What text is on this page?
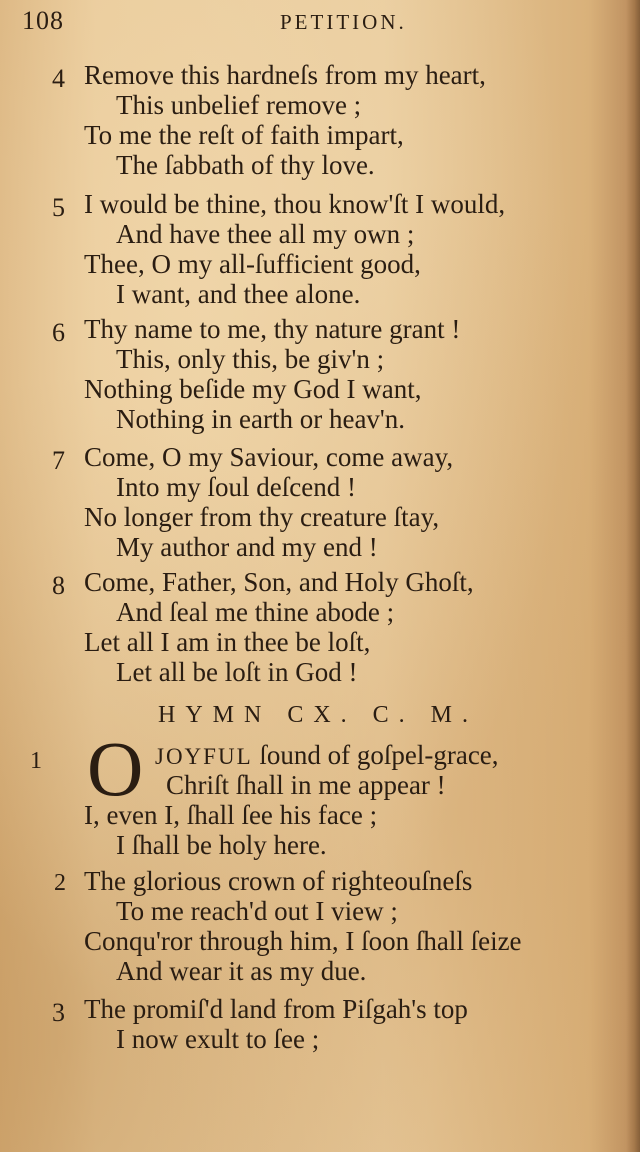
108	PETITION.
4 Remove this hardneſs from my heart,
This unbelief remove ;
To me the reſt of faith impart,
The ſabbath of thy love.
5 I would be thine, thou know'ſt I would,
And have thee all my own ;
Thee, O my all-ſufficient good,
I want, and thee alone.
6 Thy name to me, thy nature grant !
This, only this, be giv'n ;
Nothing beſide my God I want,
Nothing in earth or heav'n.
7 Come, O my Saviour, come away,
Into my ſoul deſcend !
No longer from thy creature ſtay,
My author and my end !
8 Come, Father, Son, and Holy Ghoſt,
And ſeal me thine abode ;
Let all I am in thee be loſt,
Let all be loſt in God !
HYMN CX. C. M.
1 O JOYFUL ſound of goſpel-grace,
Chriſt ſhall in me appear !
I, even I, ſhall ſee his face ;
I ſhall be holy here.
2 The glorious crown of righteouſneſs
To me reach'd out I view ;
Conqu'ror through him, I ſoon ſhall ſeize
And wear it as my due.
3 The promiſ'd land from Piſgah's top
I now exult to ſee ;
